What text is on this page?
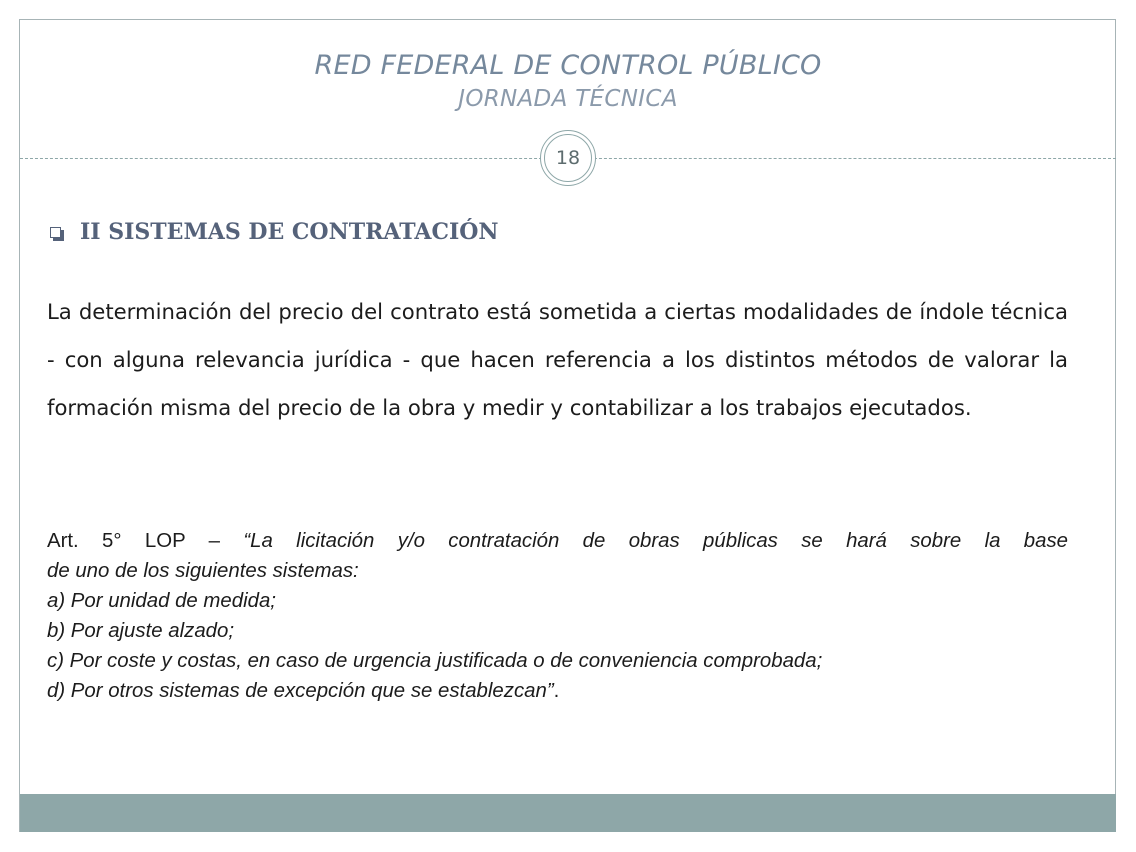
RED FEDERAL DE CONTROL PÚBLICO
JORNADA TÉCNICA
18
II SISTEMAS DE CONTRATACIÓN
La determinación del precio del contrato está sometida a ciertas modalidades de índole técnica - con alguna relevancia jurídica - que hacen referencia a los distintos métodos de valorar la formación misma del precio de la obra y medir y contabilizar a los trabajos ejecutados.
Art. 5° LOP – “La licitación y/o contratación de obras públicas se hará sobre la base
de uno de los siguientes sistemas:
a) Por unidad de medida;
b) Por ajuste alzado;
c) Por coste y costas, en caso de urgencia justificada o de conveniencia comprobada;
d) Por otros sistemas de excepción que se establezcan”.
